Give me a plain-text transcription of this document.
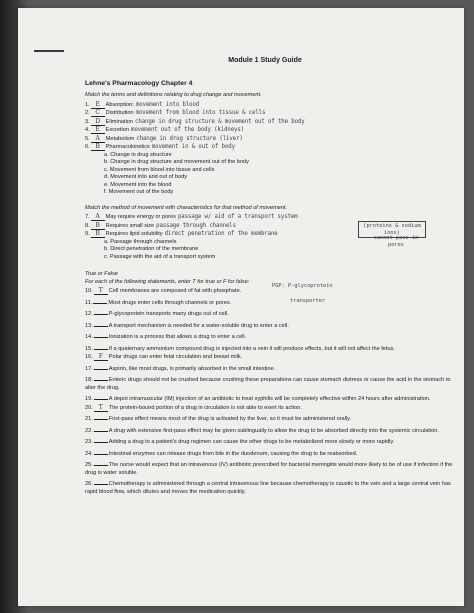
Module 1 Study Guide
Lehne's Pharmacology Chapter 4
Match the terms and definitions relating to drug change and movement.
1. E	Absorption: movement into blood
2. C	Distribution movement from blood into tissue & cells
3. D Elimination change in drug structure & movement out of the body
4. E	Excretion movement out of the body (kidneys)
5. A	Metabolism change in drug structure (liver)
6. B	Pharmacokinetics movement in & out of body
a. Change in drug structure
b. Change in drug structure and movement out of the body
c. Movement from blood into tissue and cells
d. Movement into and out of body
e. Movement into the blood
f. Movement out of the body
Match the method of movement with characteristics for that method of movement.
7. A	May require energy or pores passage w/ aid of a transport system
8. B	Requires small size passage through channels
9. B	Requires lipid solubility direct penetration of the membrane
a. Passage through channels
b. Direct penetration of the membrane
c. Passage with the aid of a transport system
True or False
For each of the following statements, enter T for true or F for false:
10. T Cell membranes are composed of fat with phosphate.
11.	Most drugs enter cells through channels or pores.
12.	P-glycoprotein transports many drugs out of cell.
13.	A transport mechanism is needed for a water-soluble drug to enter a cell.
14.	Ionization is a process that allows a drug to enter a cell.
15.	If a quaternary ammonium compound drug is injected into a vein it will produce effects, but it will not affect the fetus.
16. F Polar drugs can enter fetal circulation and breast milk.
17.	Aspirin, like most drugs, is primarily absorbed in the small intestine.
18.	Enteric drugs should not be crushed because crushing these preparations can cause stomach distress or cause the acid in the stomach to alter the drug.
19.	A depot intramuscular (IM) injection of an antibiotic to treat syphilis will be completely effective within 24 hours after administration.
20. T The protein-bound portion of a drug in circulation is not able to exert its action.
21.	First-pass effect means most of the drug is activated by the liver, so it must be administered orally.
22.	A drug with extensive first-pass effect may be given sublingually to allow the drug to be absorbed directly into the systemic circulation.
23.	Adding a drug to a patient's drug regimen can cause the other drugs to be metabolized more slowly or more rapidly.
24.	Intestinal enzymes can release drugs from bile in the duodenum, causing the drug to be reabsorbed.
25.	The nurse would expect that an intravenous (IV) antibiotic prescribed for bacterial meningitis would more likely to be of use if infection if the drug is water soluble.
26.	Chemotherapy is administered through a central intravenous line because chemotherapy is caustic to the vein and a large central vein has rapid blood flow, which dilutes and moves the medication quickly.
(proteins & sodium ions)
cannot pass in pores
PGP: P-glycoprotein
transporter
